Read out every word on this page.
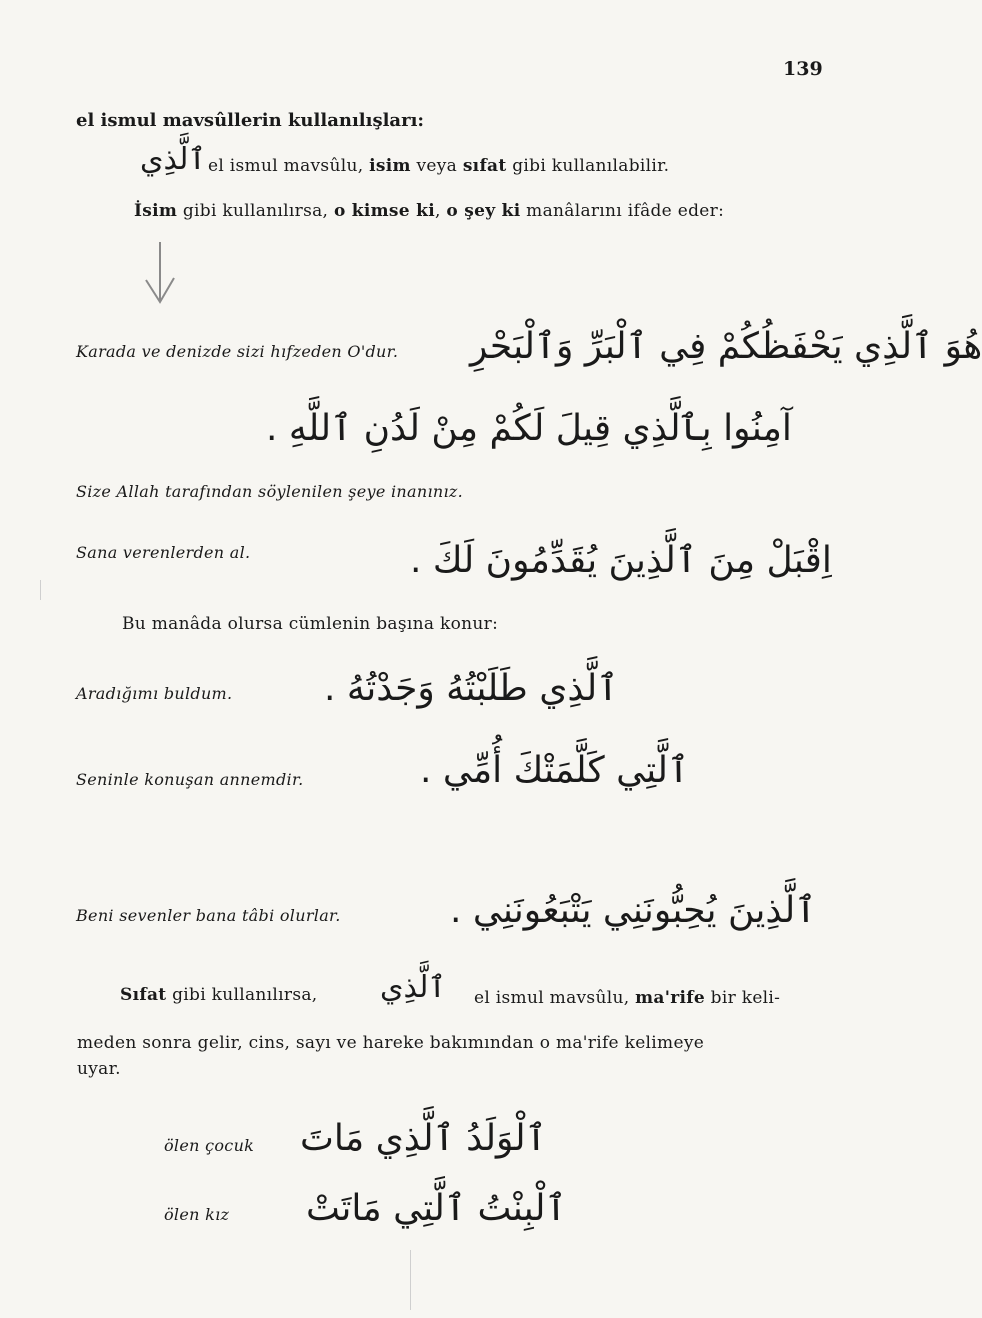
139
el ismul mavsûllerin kullanılışları:
ٱلَّذِي el ismul mavsûlu, isim veya sıfat gibi kullanılabilir.
İsim gibi kullanılırsa, o kimse ki, o şey ki manâlarını ifâde eder:
Karada ve denizde sizi hıfzeden O'dur. هُوَ ٱلَّذِي يَحْفَظُكُمْ فِي ٱلْبَرِّ وَٱلْبَحْرِ
آمِنُوا بِٱلَّذِي قِيلَ لَكُمْ مِنْ لَدُنِ ٱللَّهِ .
Size Allah tarafından söylenilen şeye inanınız.
Sana verenlerden al.	اِقْبَلْ مِنَ ٱلَّذِينَ يُقَدِّمُونَ لَكَ .
Bu manâda olursa cümlenin başına konur:
Aradığımı buldum.	ٱلَّذِي طَلَبْتُهُ وَجَدْتُهُ .
Seninle konuşan annemdir.	ٱلَّتِي كَلَّمَتْكَ أُمِّي .
Beni sevenler bana tâbi olurlar.	ٱلَّذِينَ يُحِبُّونَنِي يَتْبَعُونَنِي .
Sıfat gibi kullanılırsa, ٱلَّذِي el ismul mavsûlu, ma'rife bir keli-
meden sonra gelir, cins, sayı ve hareke bakımından o ma'rife kelimeye
uyar.
ölen çocuk ٱلْوَلَدُ ٱلَّذِي مَاتَ
ölen kız ٱلْبِنْتُ ٱلَّتِي مَاتَتْ
